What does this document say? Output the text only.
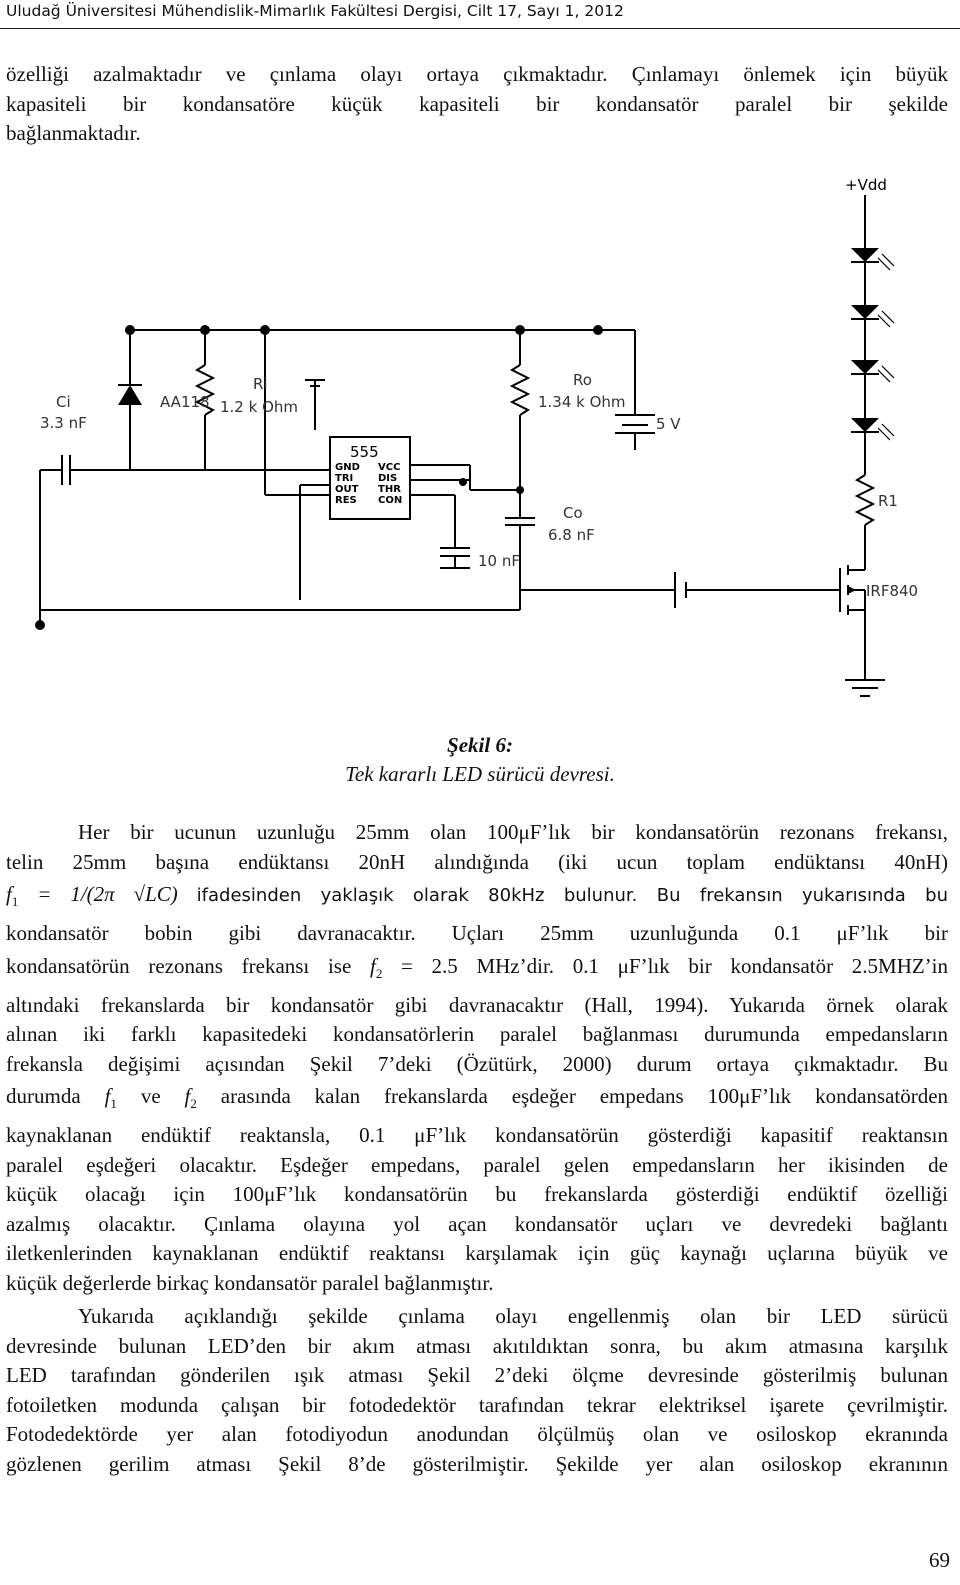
Uludağ Üniversitesi Mühendislik-Mimarlık Fakültesi Dergisi, Cilt 17, Sayı 1, 2012
özelliği azalmaktadır ve çınlama olayı ortaya çıkmaktadır. Çınlamayı önlemek için büyük
kapasiteli bir kondansatöre küçük kapasiteli bir kondansatör paralel bir şekilde
bağlanmaktadır.
555
GND
TRI
OUT
RES
VCC
DIS
THR
CON
+Vdd
Ci
3.3 nF
AA118
Ri
1.2 k Ohm
Ro
1.34 k Ohm
5 V
Co
6.8 nF
10 nF
R1
IRF840
Şekil 6:
Tek kararlı LED sürücü devresi.
Her bir ucunun uzunluğu 25mm olan 100μF’lık bir kondansatörün rezonans frekansı,
telin 25mm başına endüktansı 20nH alındığında (iki ucun toplam endüktansı 40nH)
$f_1 = 1/(2\pi$ √LC) ifadesinden yaklaşık olarak 80kHz bulunur. Bu frekansın yukarısında bu
kondansatör bobin gibi davranacaktır. Uçları 25mm uzunluğunda 0.1 μF’lık bir
kondansatörün rezonans frekansı ise $f_2 = 2.5$ MHz’dir. 0.1 μF’lık bir kondansatör 2.5MHZ’in
altındaki frekanslarda bir kondansatör gibi davranacaktır (Hall, 1994). Yukarıda örnek olarak
alınan iki farklı kapasitedeki kondansatörlerin paralel bağlanması durumunda empedansların
frekansla değişimi açısından Şekil 7’deki (Özütürk, 2000) durum ortaya çıkmaktadır. Bu
durumda $f_1$ ve $f_2$ arasında kalan frekanslarda eşdeğer empedans 100μF’lık kondansatörden
kaynaklanan endüktif reaktansla, 0.1 μF’lık kondansatörün gösterdiği kapasitif reaktansın
paralel eşdeğeri olacaktır. Eşdeğer empedans, paralel gelen empedansların her ikisinden de
küçük olacağı için 100μF’lık kondansatörün bu frekanslarda gösterdiği endüktif özelliği
azalmış olacaktır. Çınlama olayına yol açan kondansatör uçları ve devredeki bağlantı
iletkenlerinden kaynaklanan endüktif reaktansı karşılamak için güç kaynağı uçlarına büyük ve
küçük değerlerde birkaç kondansatör paralel bağlanmıştır.
Yukarıda açıklandığı şekilde çınlama olayı engellenmiş olan bir LED sürücü
devresinde bulunan LED’den bir akım atması akıtıldıktan sonra, bu akım atmasına karşılık
LED tarafından gönderilen ışık atması Şekil 2’deki ölçme devresinde gösterilmiş bulunan
fotoiletken modunda çalışan bir fotodedektör tarafından tekrar elektriksel işarete çevrilmiştir.
Fotodedektörde yer alan fotodiyodun anodundan ölçülmüş olan ve osiloskop ekranında
gözlenen gerilim atması Şekil 8’de gösterilmiştir. Şekilde yer alan osiloskop ekranının
69
